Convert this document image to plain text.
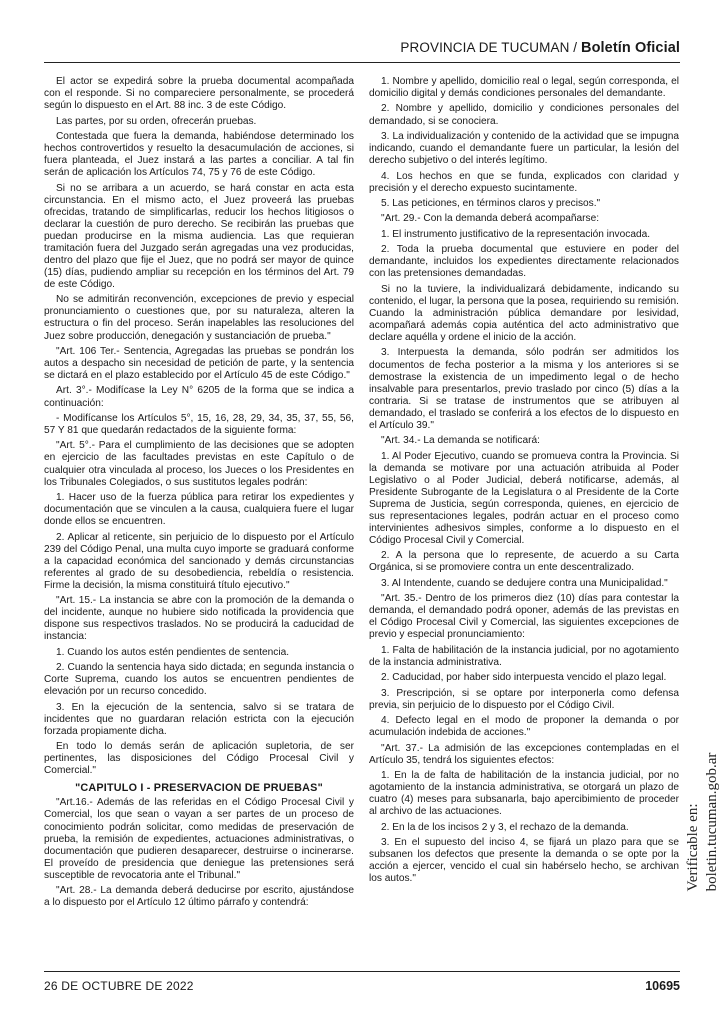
PROVINCIA DE TUCUMAN / Boletín Oficial

El actor se expedirá sobre la prueba documental acompañada con el responde. Si no compareciere personalmente, se procederá según lo dispuesto en el Art. 88 inc. 3 de este Código.

Las partes, por su orden, ofrecerán pruebas.

Contestada que fuera la demanda, habiéndose determinado los hechos controvertidos y resuelto la desacumulación de acciones, si fuera planteada, el Juez instará a las partes a conciliar. A tal fin serán de aplicación los Artículos 74, 75 y 76 de este Código.

Si no se arribara a un acuerdo, se hará constar en acta esta circunstancia. En el mismo acto, el Juez proveerá las pruebas ofrecidas, tratando de simplificarlas, reducir los hechos litigiosos o declarar la cuestión de puro derecho. Se recibirán las pruebas que puedan producirse en la misma audiencia. Las que requieran tramitación fuera del Juzgado serán agregadas una vez producidas, dentro del plazo que fije el Juez, que no podrá ser mayor de quince (15) días, pudiendo ampliar su recepción en los términos del Art. 79 de este Código.

No se admitirán reconvención, excepciones de previo y especial pronunciamiento o cuestiones que, por su naturaleza, alteren la estructura o fin del proceso. Serán inapelables las resoluciones del Juez sobre producción, denegación y sustanciación de prueba."

"Art. 106 Ter.- Sentencia, Agregadas las pruebas se pondrán los autos a despacho sin necesidad de petición de parte, y la sentencia se dictará en el plazo establecido por el Artículo 45 de este Código."

Art. 3°.- Modifícase la Ley N° 6205 de la forma que se indica a continuación:

- Modifícanse los Artículos 5°, 15, 16, 28, 29, 34, 35, 37, 55, 56, 57 Y 81 que quedarán redactados de la siguiente forma:

"Art. 5°.- Para el cumplimiento de las decisiones que se adopten en ejercicio de las facultades previstas en este Capítulo o de cualquier otra vinculada al proceso, los Jueces o los Presidentes en los Tribunales Colegiados, o sus sustitutos legales podrán:

1. Hacer uso de la fuerza pública para retirar los expedientes y documentación que se vinculen a la causa, cualquiera fuere el lugar donde ellos se encuentren.

2. Aplicar al reticente, sin perjuicio de lo dispuesto por el Artículo 239 del Código Penal, una multa cuyo importe se graduará conforme a la capacidad económica del sancionado y demás circunstancias referentes al grado de su desobediencia, rebeldía o resistencia. Firme la decisión, la misma constituirá título ejecutivo."

"Art. 15.- La instancia se abre con la promoción de la demanda o del incidente, aunque no hubiere sido notificada la providencia que dispone sus respectivos traslados. No se producirá la caducidad de instancia:

1. Cuando los autos estén pendientes de sentencia.

2. Cuando la sentencia haya sido dictada; en segunda instancia o Corte Suprema, cuando los autos se encuentren pendientes de elevación por un recurso concedido.

3. En la ejecución de la sentencia, salvo si se tratara de incidentes que no guardaran relación estricta con la ejecución forzada propiamente dicha.

En todo lo demás serán de aplicación supletoria, de ser pertinentes, las disposiciones del Código Procesal Civil y Comercial."

"CAPITULO I - PRESERVACION DE PRUEBAS"

"Art.16.- Además de las referidas en el Código Procesal Civil y Comercial, los que sean o vayan a ser partes de un proceso de conocimiento podrán solicitar, como medidas de preservación de prueba, la remisión de expedientes, actuaciones administrativas, o documentación que pudieren desaparecer, destruirse o incinerarse. El proveído de presidencia que deniegue las pretensiones será susceptible de revocatoria ante el Tribunal."

"Art. 28.- La demanda deberá deducirse por escrito, ajustándose a lo dispuesto por el Artículo 12 último párrafo y contendrá:

1. Nombre y apellido, domicilio real o legal, según corresponda, el domicilio digital y demás condiciones personales del demandante.

2. Nombre y apellido, domicilio y condiciones personales del demandado, si se conociera.

3. La individualización y contenido de la actividad que se impugna indicando, cuando el demandante fuere un particular, la lesión del derecho subjetivo o del interés legítimo.

4. Los hechos en que se funda, explicados con claridad y precisión y el derecho expuesto sucintamente.

5. Las peticiones, en términos claros y precisos."

"Art. 29.- Con la demanda deberá acompañarse:

1. El instrumento justificativo de la representación invocada.

2. Toda la prueba documental que estuviere en poder del demandante, incluidos los expedientes directamente relacionados con las pretensiones demandadas.

Si no la tuviere, la individualizará debidamente, indicando su contenido, el lugar, la persona que la posea, requiriendo su remisión. Cuando la administración pública demandare por lesividad, acompañará además copia auténtica del acto administrativo que declare aquélla y ordene el inicio de la acción.

3. Interpuesta la demanda, sólo podrán ser admitidos los documentos de fecha posterior a la misma y los anteriores si se demostrase la existencia de un impedimento legal o de hecho insalvable para presentarlos, previo traslado por cinco (5) días a la contraria. Si se tratase de instrumentos que se atribuyen al demandado, el traslado se conferirá a los efectos de lo dispuesto en el Artículo 39."

"Art. 34.- La demanda se notificará:

1. Al Poder Ejecutivo, cuando se promueva contra la Provincia. Si la demanda se motivare por una actuación atribuida al Poder Legislativo o al Poder Judicial, deberá notificarse, además, al Presidente Subrogante de la Legislatura o al Presidente de la Corte Suprema de Justicia, según corresponda, quienes, en ejercicio de sus representaciones legales, podrán actuar en el proceso como intervinientes adhesivos simples, conforme a lo dispuesto en el Código Procesal Civil y Comercial.

2. A la persona que lo represente, de acuerdo a su Carta Orgánica, si se promoviere contra un ente descentralizado.

3. Al Intendente, cuando se dedujere contra una Municipalidad."

"Art. 35.- Dentro de los primeros diez (10) días para contestar la demanda, el demandado podrá oponer, además de las previstas en el Código Procesal Civil y Comercial, las siguientes excepciones de previo y especial pronunciamiento:

1. Falta de habilitación de la instancia judicial, por no agotamiento de la instancia administrativa.

2. Caducidad, por haber sido interpuesta vencido el plazo legal.

3. Prescripción, si se optare por interponerla como defensa previa, sin perjuicio de lo dispuesto por el Código Civil.

4. Defecto legal en el modo de proponer la demanda o por acumulación indebida de acciones."

"Art. 37.- La admisión de las excepciones contempladas en el Artículo 35, tendrá los siguientes efectos:

1. En la de falta de habilitación de la instancia judicial, por no agotamiento de la instancia administrativa, se otorgará un plazo de cuatro (4) meses para subsanarla, bajo apercibimiento de proceder al archivo de las actuaciones.

2. En la de los incisos 2 y 3, el rechazo de la demanda.

3. En el supuesto del inciso 4, se fijará un plazo para que se subsanen los defectos que presente la demanda o se opte por la acción a ejercer, vencido el cual sin habérselo hecho, se archivan los autos."

26 DE OCTUBRE DE 2022	10695
Verificable en: boletin.tucuman.gob.ar
